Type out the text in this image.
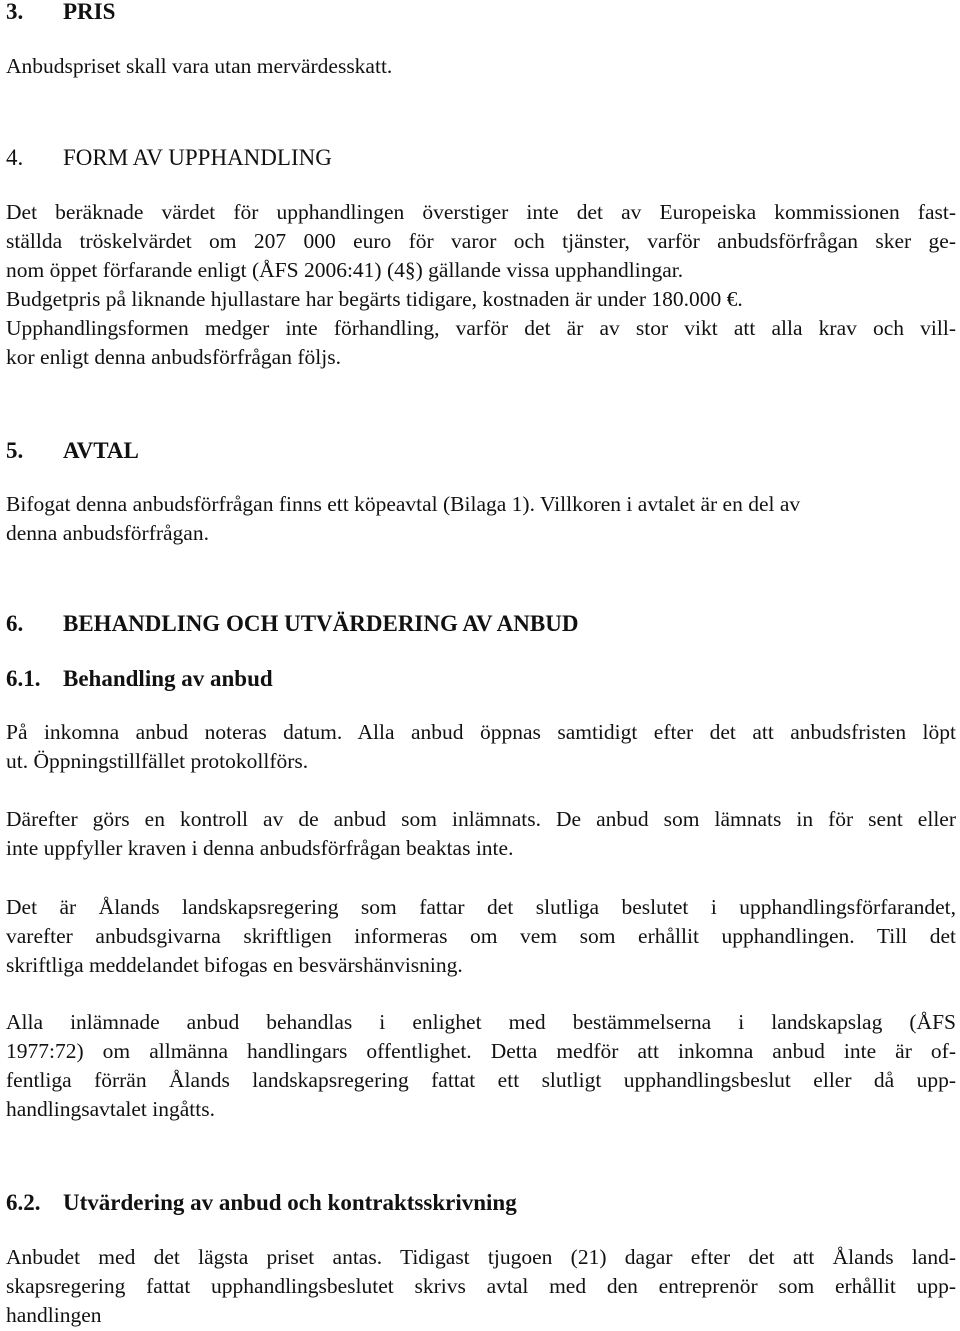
3. PRIS
Anbudspriset skall vara utan mervärdesskatt.
4. FORM AV UPPHANDLING
Det beräknade värdet för upphandlingen överstiger inte det av Europeiska kommissionen fast-
ställda tröskelvärdet om 207 000 euro för varor och tjänster, varför anbudsförfrågan sker ge-
nom öppet förfarande enligt (ÅFS 2006:41) (4§) gällande vissa upphandlingar.
Budgetpris på liknande hjullastare har begärts tidigare, kostnaden är under 180.000 €.
Upphandlingsformen medger inte förhandling, varför det är av stor vikt att alla krav och vill-
kor enligt denna anbudsförfrågan följs.
5. AVTAL
Bifogat denna anbudsförfrågan finns ett köpeavtal (Bilaga 1). Villkoren i avtalet är en del av
denna anbudsförfrågan.
6. BEHANDLING OCH UTVÄRDERING AV ANBUD
6.1. Behandling av anbud
På inkomna anbud noteras datum. Alla anbud öppnas samtidigt efter det att anbudsfristen löpt
ut. Öppningstillfället protokollförs.
Därefter görs en kontroll av de anbud som inlämnats. De anbud som lämnats in för sent eller
inte uppfyller kraven i denna anbudsförfrågan beaktas inte.
Det är Ålands landskapsregering som fattar det slutliga beslutet i upphandlingsförfarandet,
varefter anbudsgivarna skriftligen informeras om vem som erhållit upphandlingen. Till det
skriftliga meddelandet bifogas en besvärshänvisning.
Alla inlämnade anbud behandlas i enlighet med bestämmelserna i landskapslag (ÅFS
1977:72) om allmänna handlingars offentlighet. Detta medför att inkomna anbud inte är of-
fentliga förrän Ålands landskapsregering fattat ett slutligt upphandlingsbeslut eller då upp-
handlingsavtalet ingåtts.
6.2. Utvärdering av anbud och kontraktsskrivning
Anbudet med det lägsta priset antas. Tidigast tjugoen (21) dagar efter det att Ålands land-
skapsregering fattat upphandlingsbeslutet skrivs avtal med den entreprenör som erhållit upp-
handlingen
